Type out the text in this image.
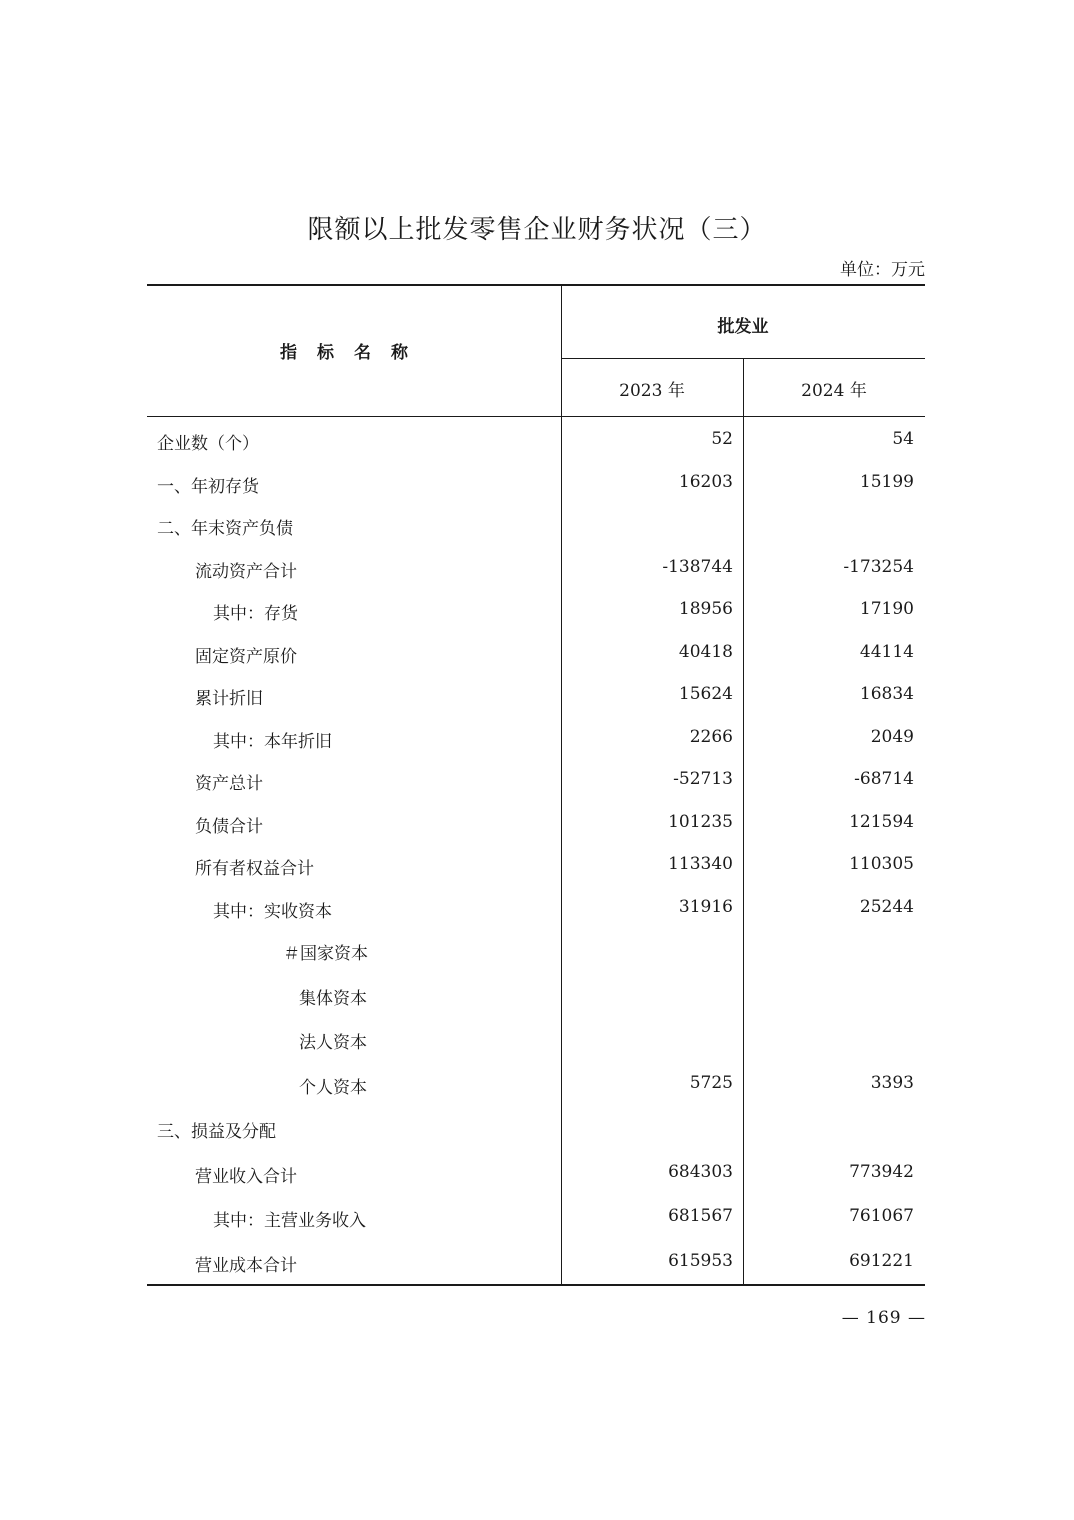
限额以上批发零售企业财务状况（三）
单位：万元
指标名称
批发业
2023 年	2024 年
企业数（个）	52	54
一、年初存货	16203	15199
二、年末资产负债
流动资产合计	-138744	-173254
其中：存货	18956	17190
固定资产原价	40418	44114
累计折旧	15624	16834
其中：本年折旧	2266	2049
资产总计	-52713	-68714
负债合计	101235	121594
所有者权益合计	113340	110305
其中：实收资本	31916	25244
＃国家资本
集体资本
法人资本
个人资本	5725	3393
三、损益及分配
营业收入合计	684303	773942
其中：主营业务收入	681567	761067
营业成本合计	615953	691221
— 169 —
